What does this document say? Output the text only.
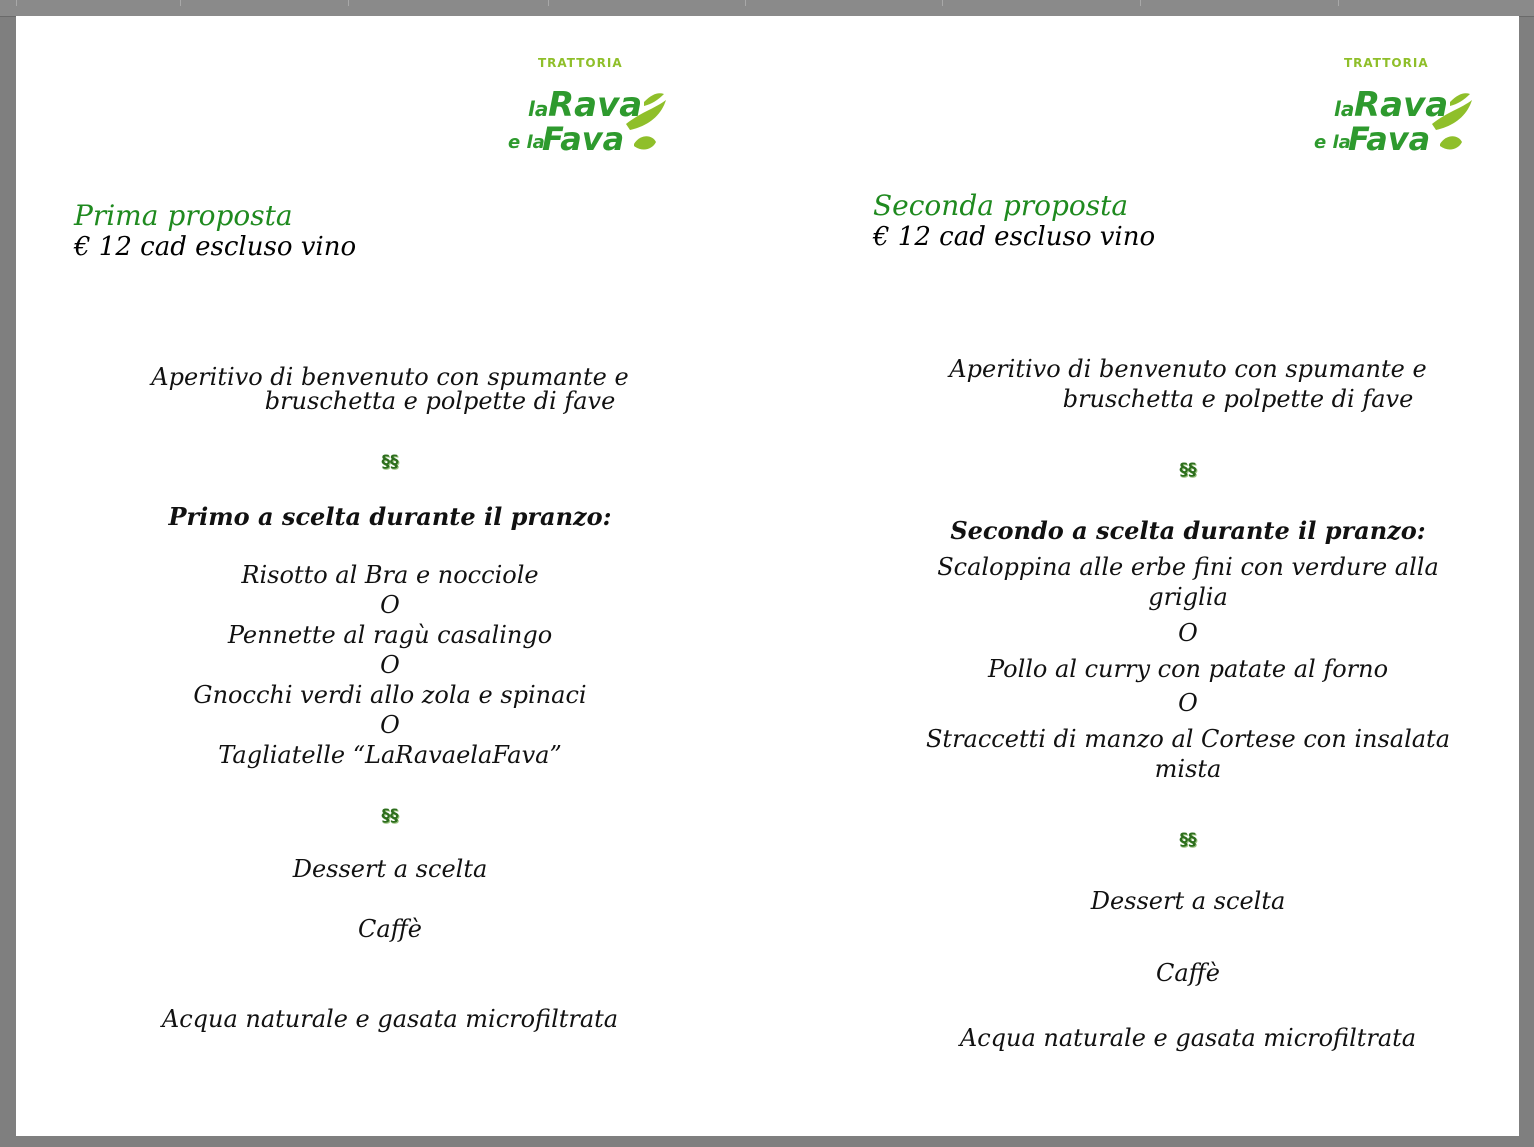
TRATTORIA
la Rava
e la
Fava
TRATTORIA
la Rava
e la
Fava

Prima proposta

€ 12 cad escluso vino

Aperitivo di benvenuto con spumante e
bruschetta e polpette di fave
§§
Primo a scelta durante il pranzo:
Risotto al Bra e nocciole
O
Pennette al ragù casalingo
O
Gnocchi verdi allo zola e spinaci
O
Tagliatelle “LaRavaelaFava”
§§
Dessert a scelta
Caffè
Acqua naturale e gasata microfiltrata

Seconda proposta

€ 12 cad escluso vino

Aperitivo di benvenuto con spumante e
bruschetta e polpette di fave
§§
Secondo a scelta durante il pranzo:
Scaloppina alle erbe fini con verdure alla
griglia
O
Pollo al curry con patate al forno
O
Straccetti di manzo al Cortese con insalata
mista
§§
Dessert a scelta
Caffè
Acqua naturale e gasata microfiltrata
